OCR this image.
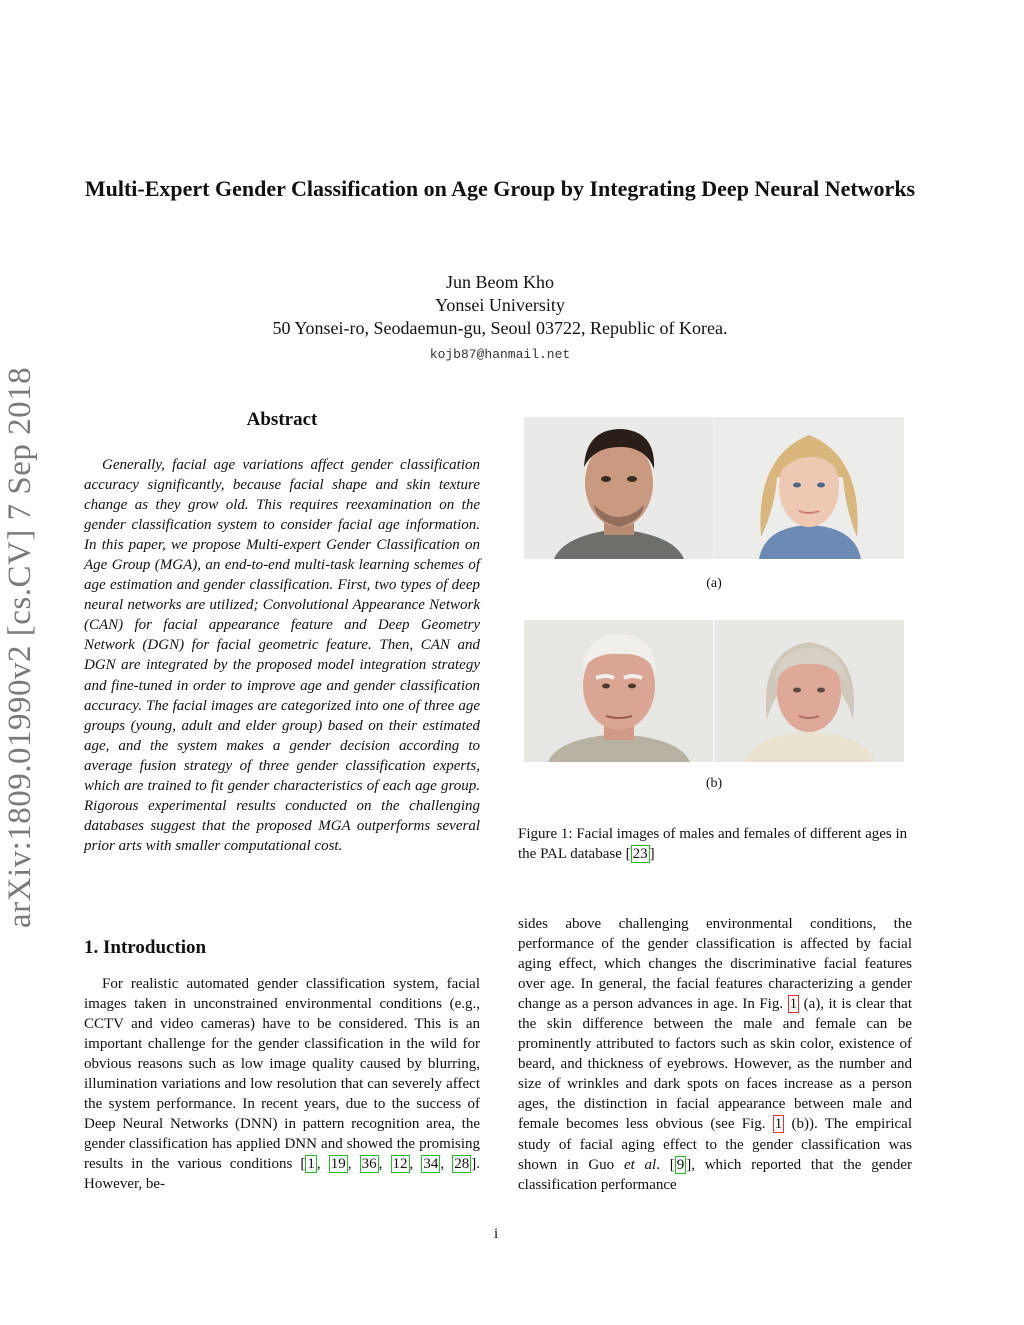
arXiv:1809.01990v2 [cs.CV] 7 Sep 2018
Multi-Expert Gender Classification on Age Group by Integrating Deep Neural Networks
Jun Beom Kho
Yonsei University
50 Yonsei-ro, Seodaemun-gu, Seoul 03722, Republic of Korea.
kojb87@hanmail.net
Abstract
Generally, facial age variations affect gender classification accuracy significantly, because facial shape and skin texture change as they grow old. This requires reexamination on the gender classification system to consider facial age information. In this paper, we propose Multi-expert Gender Classification on Age Group (MGA), an end-to-end multi-task learning schemes of age estimation and gender classification. First, two types of deep neural networks are utilized; Convolutional Appearance Network (CAN) for facial appearance feature and Deep Geometry Network (DGN) for facial geometric feature. Then, CAN and DGN are integrated by the proposed model integration strategy and fine-tuned in order to improve age and gender classification accuracy. The facial images are categorized into one of three age groups (young, adult and elder group) based on their estimated age, and the system makes a gender decision according to average fusion strategy of three gender classification experts, which are trained to fit gender characteristics of each age group. Rigorous experimental results conducted on the challenging databases suggest that the proposed MGA outperforms several prior arts with smaller computational cost.
1. Introduction
For realistic automated gender classification system, facial images taken in unconstrained environmental conditions (e.g., CCTV and video cameras) have to be considered. This is an important challenge for the gender classification in the wild for obvious reasons such as low image quality caused by blurring, illumination variations and low resolution that can severely affect the system performance. In recent years, due to the success of Deep Neural Networks (DNN) in pattern recognition area, the gender classification has applied DNN and showed the promising results in the various conditions [ 1 , 19 , 36 , 12 , 34 , 28 ]. However, be-
(a)
(b)
Figure 1: Facial images of males and females of different ages in the PAL database [ 23 ]
sides above challenging environmental conditions, the performance of the gender classification is affected by facial aging effect, which changes the discriminative facial features over age. In general, the facial features characterizing a gender change as a person advances in age. In Fig. 1 (a), it is clear that the skin difference between the male and female can be prominently attributed to factors such as skin color, existence of beard, and thickness of eyebrows. However, as the number and size of wrinkles and dark spots on faces increase as a person ages, the distinction in facial appearance between male and female becomes less obvious (see Fig. 1 (b)). The empirical study of facial aging effect to the gender classification was shown in Guo et al. [ 9 ], which reported that the gender classification performance
i
